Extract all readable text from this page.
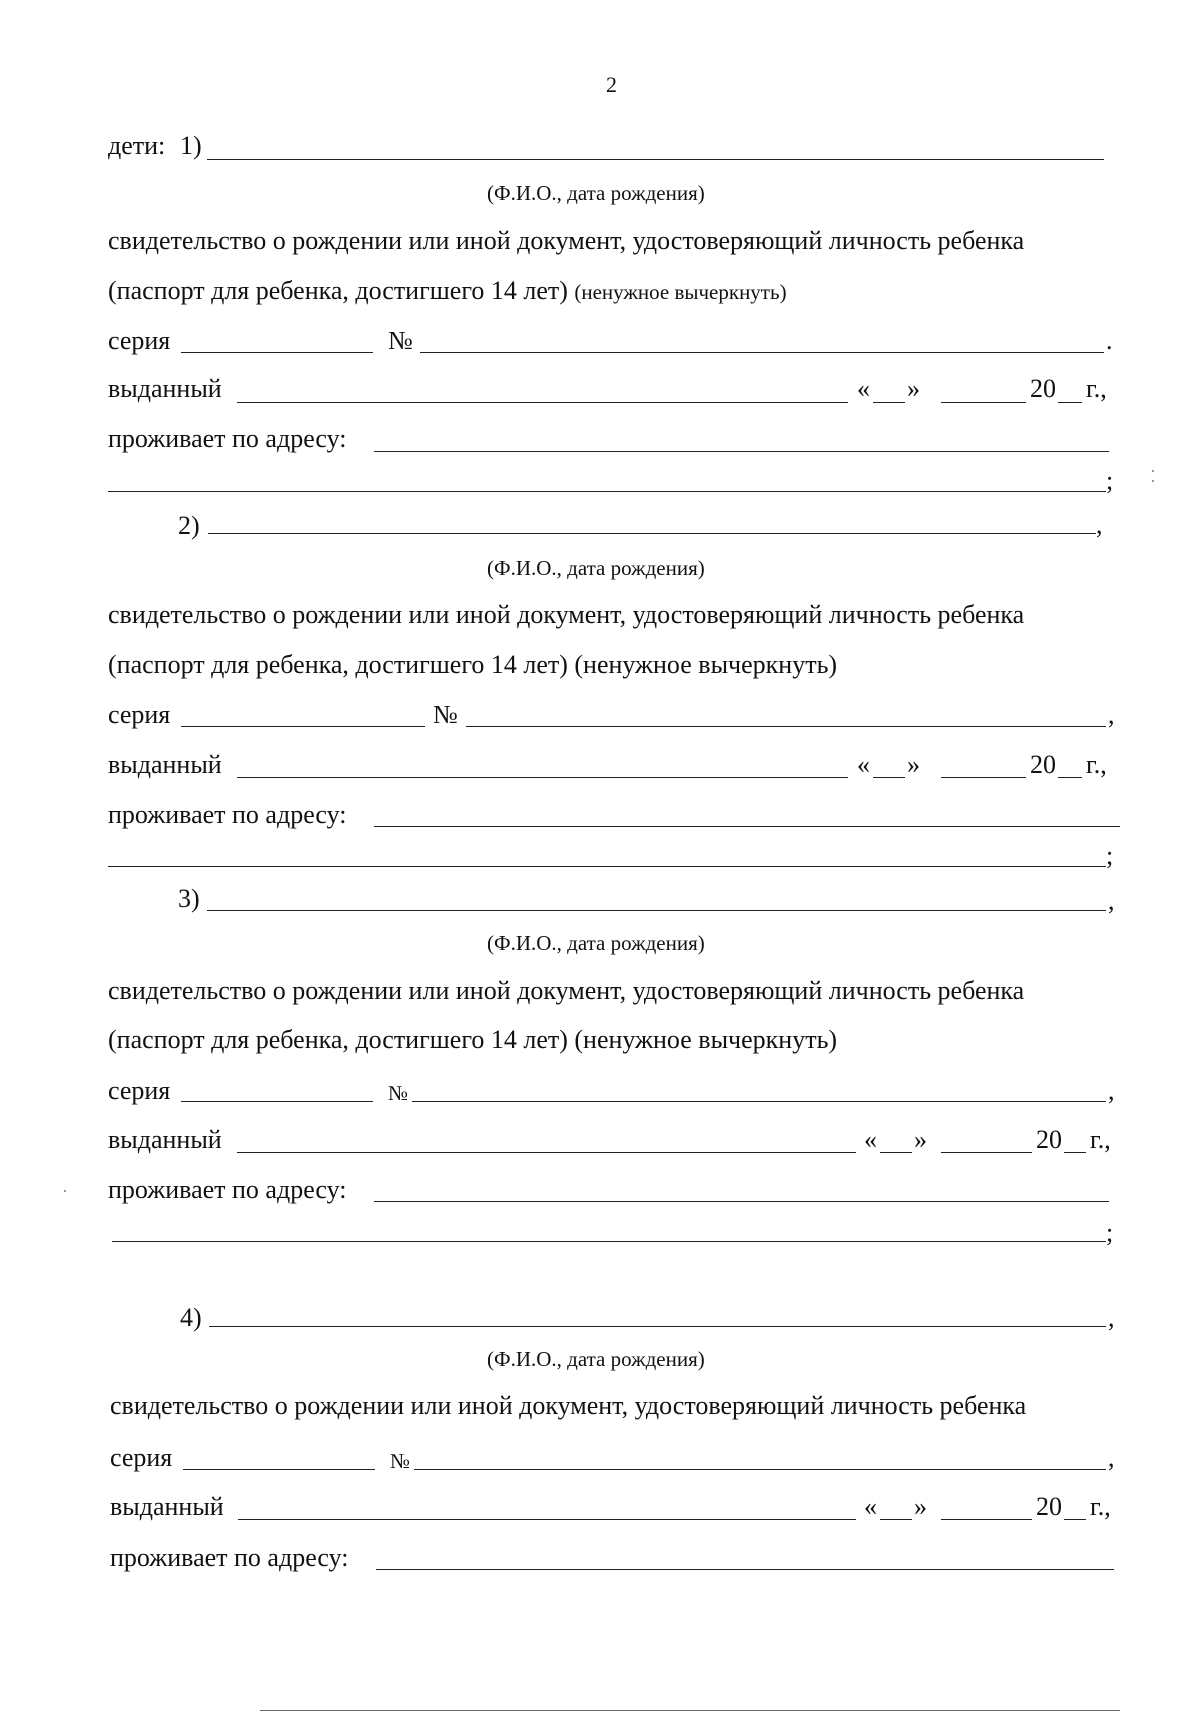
2
дети: 1)
(Ф.И.О., дата рождения)
свидетельство о рождении или иной документ, удостоверяющий личность ребенка
(паспорт для ребенка, достигшего 14 лет) (ненужное вычеркнуть)
серия	№	.
выданный	« »	20 г.,
проживает по адресу:
;
2)	,
(Ф.И.О., дата рождения)
свидетельство о рождении или иной документ, удостоверяющий личность ребенка
(паспорт для ребенка, достигшего 14 лет) (ненужное вычеркнуть)
серия	№	,
выданный	« »	20 г.,
проживает по адресу:
;
3)	,
(Ф.И.О., дата рождения)
свидетельство о рождении или иной документ, удостоверяющий личность ребенка
(паспорт для ребенка, достигшего 14 лет) (ненужное вычеркнуть)
серия	№	,
выданный	« »	20 г.,
проживает по адресу:
;
4)	,
(Ф.И.О., дата рождения)
свидетельство о рождении или иной документ, удостоверяющий личность ребенка
серия	№	,
выданный	« »	20 г.,
проживает по адресу:
